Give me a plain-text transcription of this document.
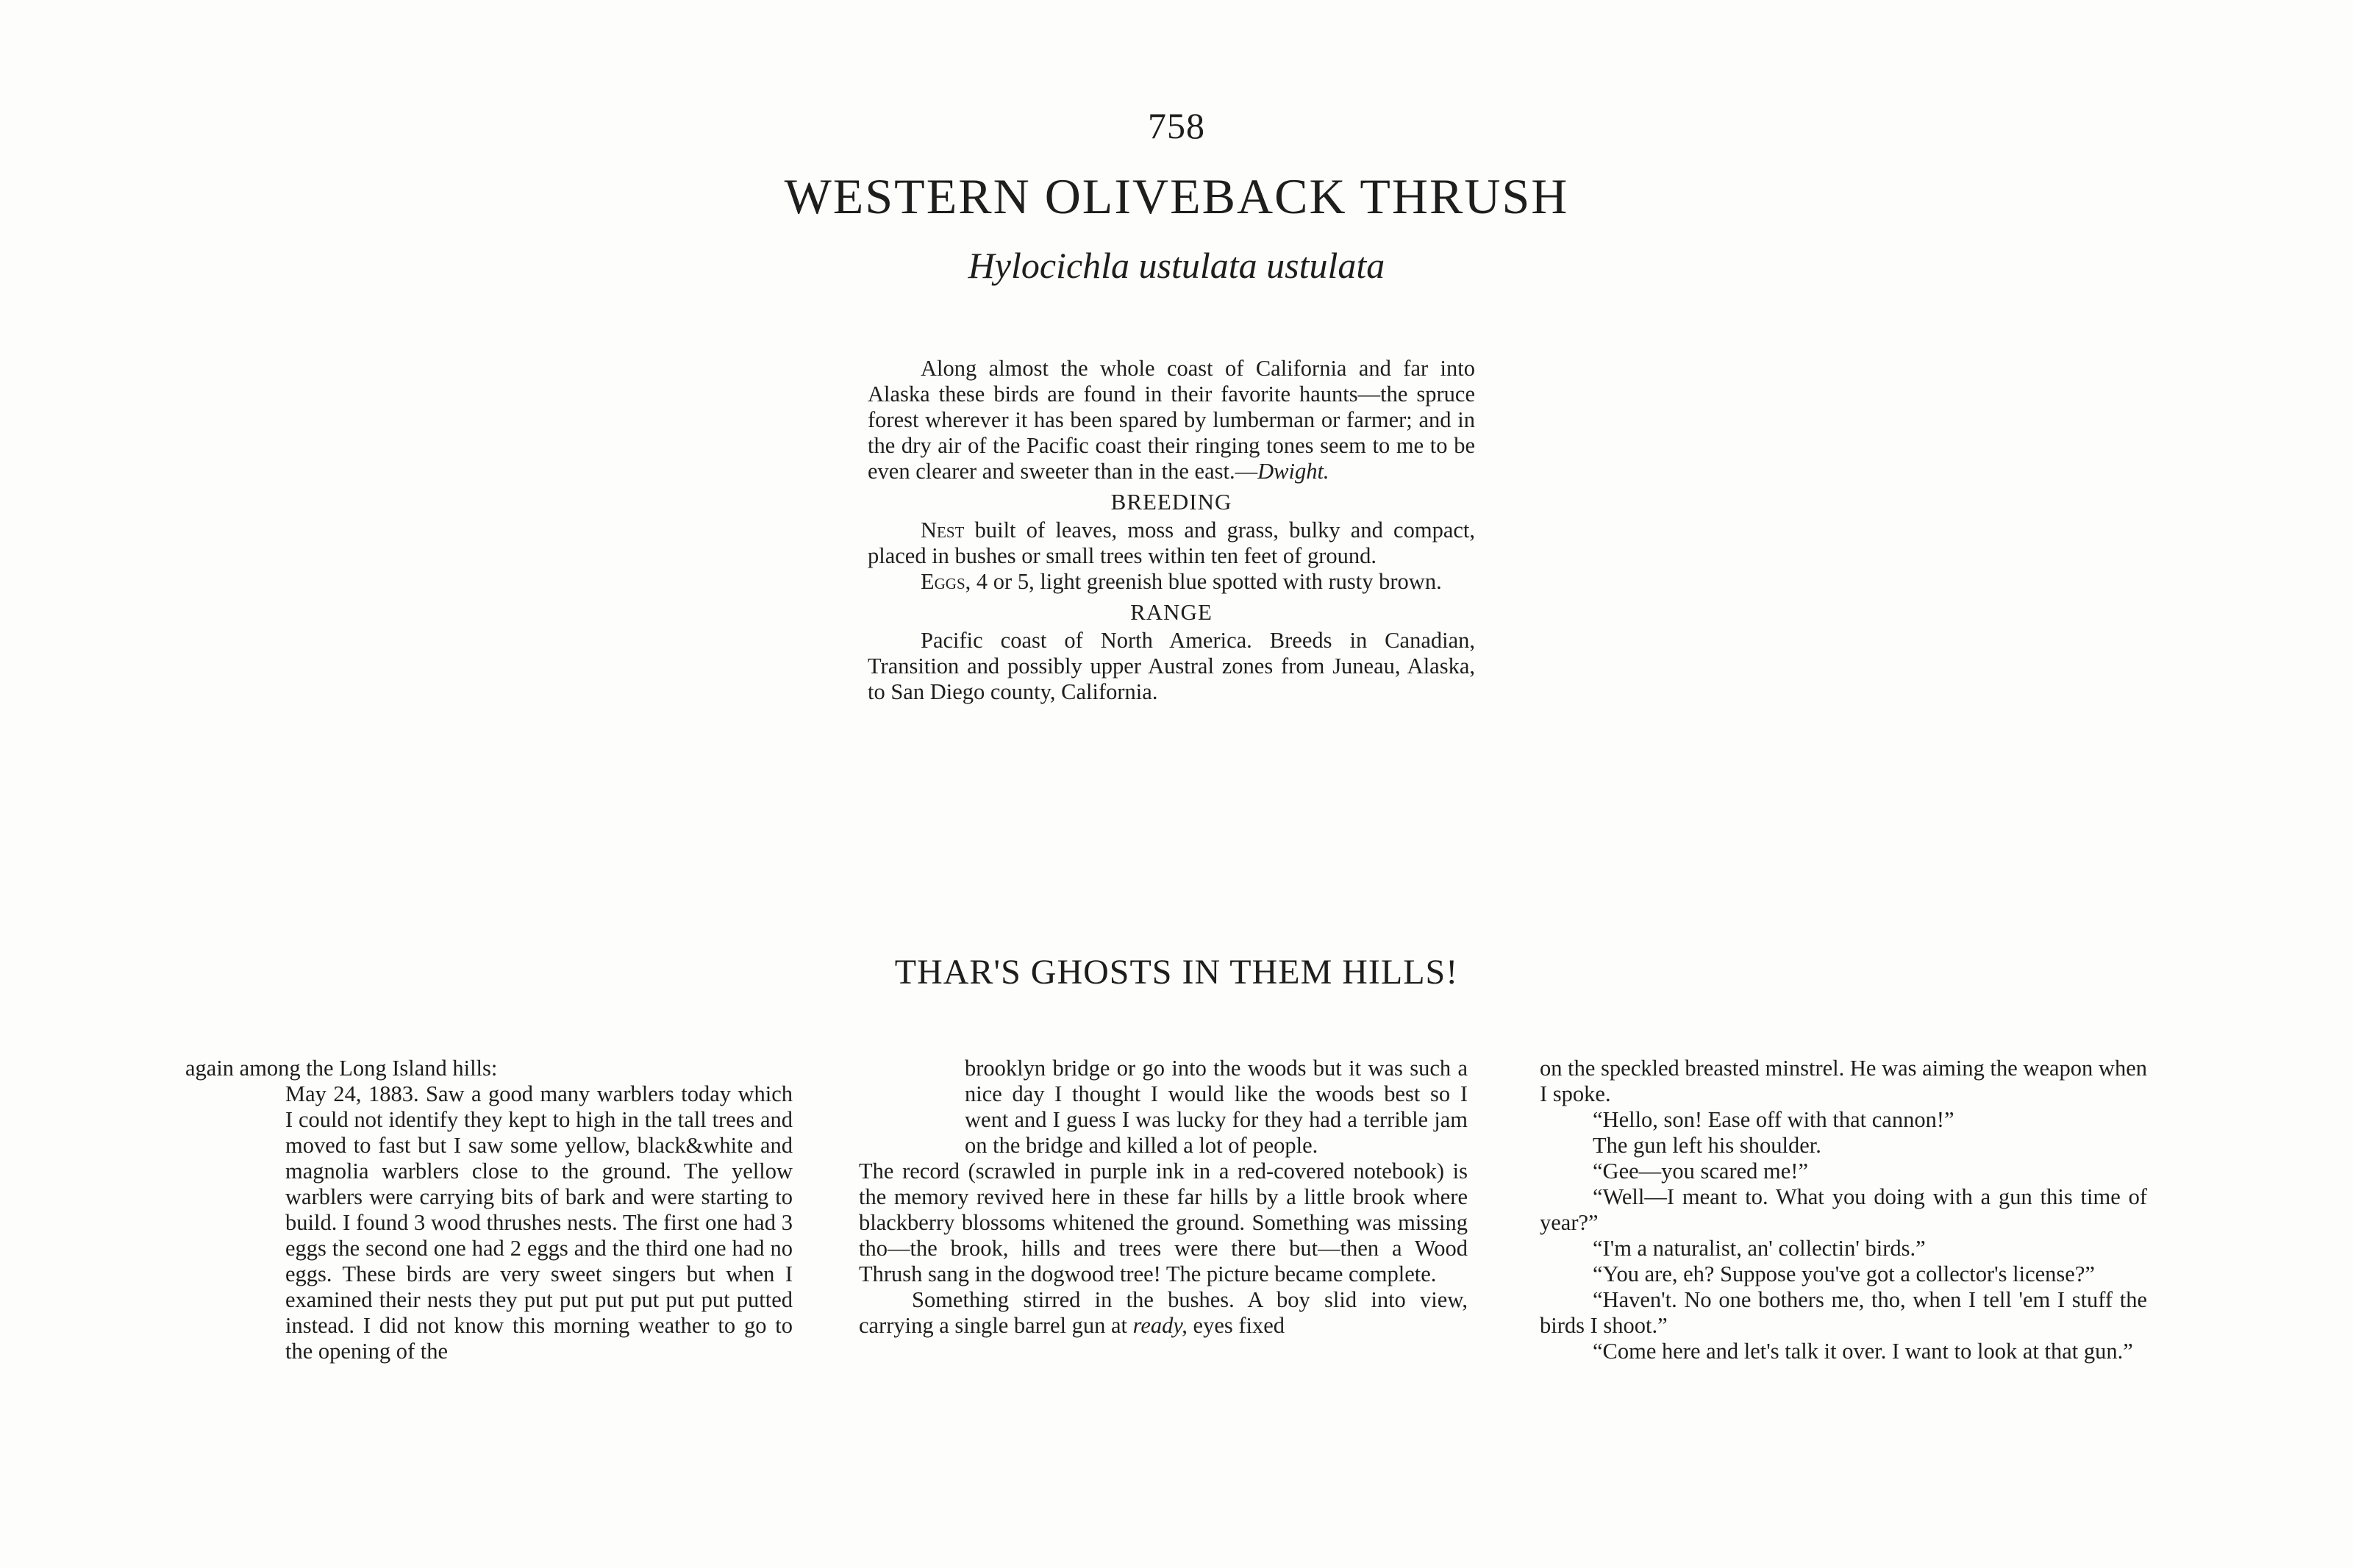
758
WESTERN OLIVEBACK THRUSH
Hylocichla ustulata ustulata

Along almost the whole coast of California and far into Alaska these birds are found in their favorite haunts—the spruce forest wherever it has been spared by lumberman or farmer; and in the dry air of the Pacific coast their ringing tones seem to me to be even clearer and sweeter than in the east.—Dwight.

BREEDING

Nest built of leaves, moss and grass, bulky and compact, placed in bushes or small trees within ten feet of ground.

Eggs, 4 or 5, light greenish blue spotted with rusty brown.

RANGE

Pacific coast of North America. Breeds in Canadian, Transition and possibly upper Austral zones from Juneau, Alaska, to San Diego county, California.

THAR'S GHOSTS IN THEM HILLS!

again among the Long Island hills:

May 24, 1883. Saw a good many warblers today which I could not identify they kept to high in the tall trees and moved to fast but I saw some yellow, black&white and magnolia warblers close to the ground. The yellow warblers were carrying bits of bark and were starting to build. I found 3 wood thrushes nests. The first one had 3 eggs the second one had 2 eggs and the third one had no eggs. These birds are very sweet singers but when I examined their nests they put put put put put put putted instead. I did not know this morning weather to go to the opening of the

brooklyn bridge or go into the woods but it was such a nice day I thought I would like the woods best so I went and I guess I was lucky for they had a terrible jam on the bridge and killed a lot of people.

The record (scrawled in purple ink in a red-covered notebook) is the memory revived here in these far hills by a little brook where blackberry blossoms whitened the ground. Something was missing tho—the brook, hills and trees were there but—then a Wood Thrush sang in the dogwood tree! The picture became complete.

Something stirred in the bushes. A boy slid into view, carrying a single barrel gun at ready, eyes fixed

on the speckled breasted minstrel. He was aiming the weapon when I spoke.

“Hello, son! Ease off with that cannon!”

The gun left his shoulder.

“Gee—you scared me!”

“Well—I meant to. What you doing with a gun this time of year?”

“I'm a naturalist, an' collectin' birds.”

“You are, eh? Suppose you've got a collector's license?”

“Haven't. No one bothers me, tho, when I tell 'em I stuff the birds I shoot.”

“Come here and let's talk it over. I want to look at that gun.”
